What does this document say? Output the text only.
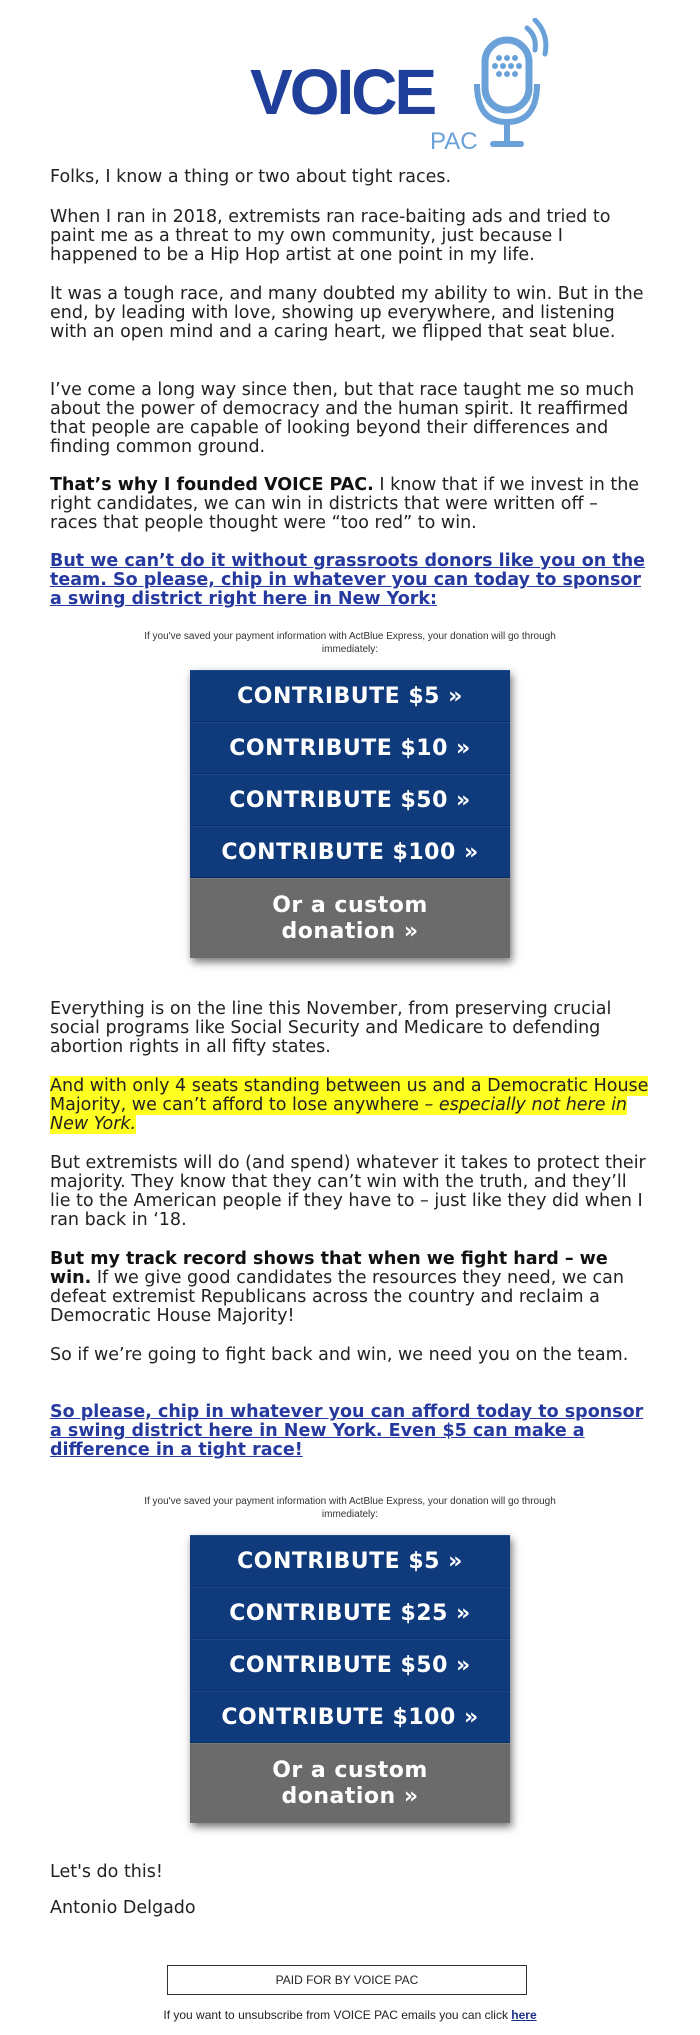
VOICE
PAC

Folks, I know a thing or two about tight races.

When I ran in 2018, extremists ran race-baiting ads and tried to paint me as a threat to my own community, just because I happened to be a Hip Hop artist at one point in my life.

It was a tough race, and many doubted my ability to win. But in the end, by leading with love, showing up everywhere, and listening with an open mind and a caring heart, we flipped that seat blue.

I’ve come a long way since then, but that race taught me so much about the power of democracy and the human spirit. It reaffirmed that people are capable of looking beyond their differences and finding common ground.

That’s why I founded VOICE PAC. I know that if we invest in the right candidates, we can win in districts that were written off – races that people thought were “too red” to win.

But we can’t do it without grassroots donors like you on the team. So please, chip in whatever you can today to sponsor a swing district right here in New York:

If you've saved your payment information with ActBlue Express, your donation will go through immediately:
CONTRIBUTE $5 »
CONTRIBUTE $10 »
CONTRIBUTE $50 »
CONTRIBUTE $100 »
Or a custom
donation »

Everything is on the line this November, from preserving crucial social programs like Social Security and Medicare to defending abortion rights in all fifty states.

And with only 4 seats standing between us and a Democratic House Majority, we can’t afford to lose anywhere – especially not here in New York.

But extremists will do (and spend) whatever it takes to protect their majority. They know that they can’t win with the truth, and they’ll lie to the American people if they have to – just like they did when I ran back in ‘18.

But my track record shows that when we fight hard – we win. If we give good candidates the resources they need, we can defeat extremist Republicans across the country and reclaim a Democratic House Majority!

So if we’re going to fight back and win, we need you on the team.

So please, chip in whatever you can afford today to sponsor a swing district here in New York. Even $5 can make a difference in a tight race!

If you've saved your payment information with ActBlue Express, your donation will go through immediately:
CONTRIBUTE $5 »
CONTRIBUTE $25 »
CONTRIBUTE $50 »
CONTRIBUTE $100 »
Or a custom
donation »
Let's do this!
Antonio Delgado
PAID FOR BY VOICE PAC
If you want to unsubscribe from VOICE PAC emails you can click here
